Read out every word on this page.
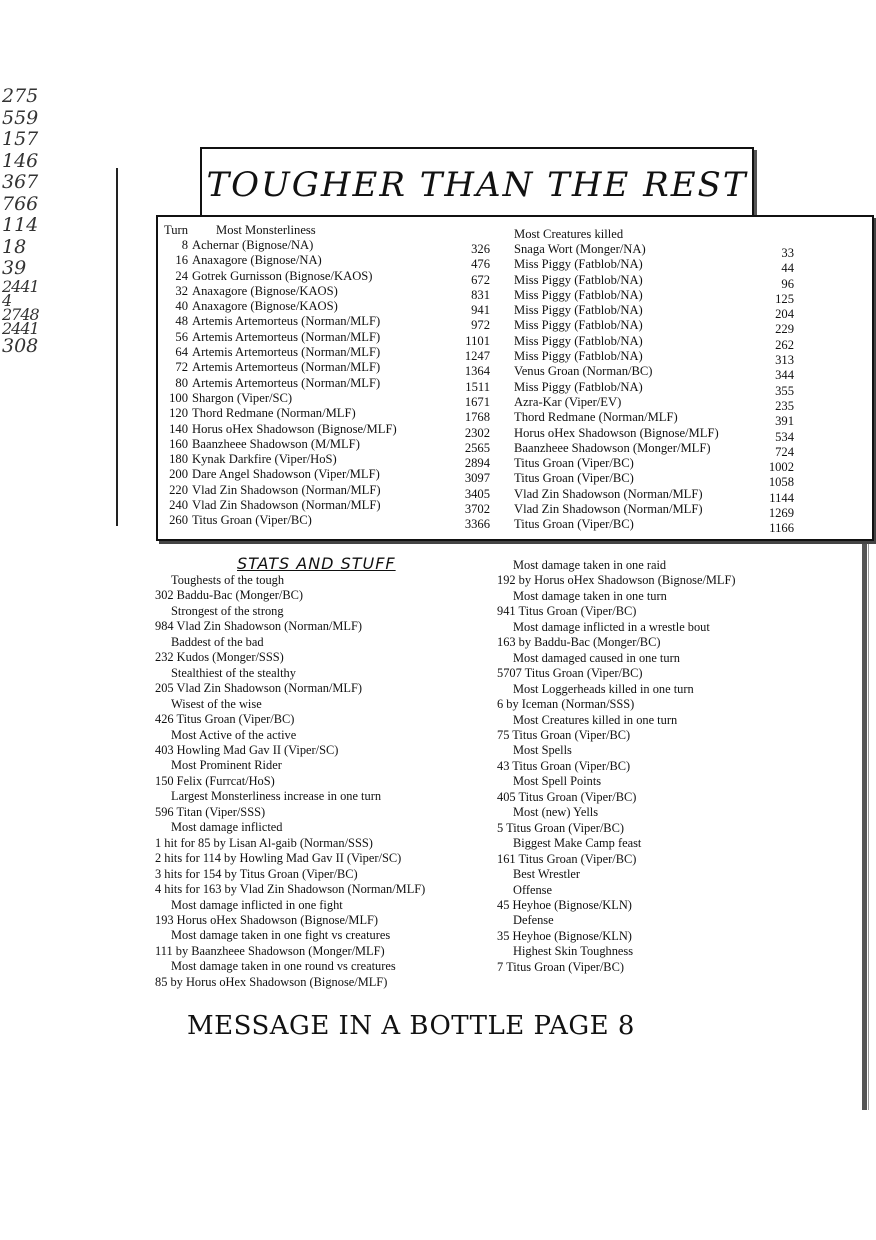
275
559
157
146
367
766
114
18
39
2441
4
2748
2441
308
TOUGHER THAN THE REST
Turn Most Monsterliness	Most Creatures killed
8
16
24
32
40
48
56
64
72
80
100
120
140
160
180
200
220
240
260
Achernar (Bignose/NA)
Anaxagore (Bignose/NA)
Gotrek Gurnisson (Bignose/KAOS)
Anaxagore (Bignose/KAOS)
Anaxagore (Bignose/KAOS)
Artemis Artemorteus (Norman/MLF)
Artemis Artemorteus (Norman/MLF)
Artemis Artemorteus (Norman/MLF)
Artemis Artemorteus (Norman/MLF)
Artemis Artemorteus (Norman/MLF)
Shargon (Viper/SC)
Thord Redmane (Norman/MLF)
Horus oHex Shadowson (Bignose/MLF)
Baanzheee Shadowson (M/MLF)
Kynak Darkfire (Viper/HoS)
Dare Angel Shadowson (Viper/MLF)
Vlad Zin Shadowson (Norman/MLF)
Vlad Zin Shadowson (Norman/MLF)
Titus Groan (Viper/BC)
326
476
672
831
941
972
1101
1247
1364
1511
1671
1768
2302
2565
2894
3097
3405
3702
3366
Snaga Wort (Monger/NA)
Miss Piggy (Fatblob/NA)
Miss Piggy (Fatblob/NA)
Miss Piggy (Fatblob/NA)
Miss Piggy (Fatblob/NA)
Miss Piggy (Fatblob/NA)
Miss Piggy (Fatblob/NA)
Miss Piggy (Fatblob/NA)
Venus Groan (Norman/BC)
Miss Piggy (Fatblob/NA)
Azra-Kar (Viper/EV)
Thord Redmane (Norman/MLF)
Horus oHex Shadowson (Bignose/MLF)
Baanzheee Shadowson (Monger/MLF)
Titus Groan (Viper/BC)
Titus Groan (Viper/BC)
Vlad Zin Shadowson (Norman/MLF)
Vlad Zin Shadowson (Norman/MLF)
Titus Groan (Viper/BC)
33
44
96
125
204
229
262
313
344
355
235
391
534
724
1002
1058
1144
1269
1166
STATS AND STUFF
Toughests of the tough
302 Baddu-Bac (Monger/BC)
Strongest of the strong
984 Vlad Zin Shadowson (Norman/MLF)
Baddest of the bad
232 Kudos (Monger/SSS)
Stealthiest of the stealthy
205 Vlad Zin Shadowson (Norman/MLF)
Wisest of the wise
426 Titus Groan (Viper/BC)
Most Active of the active
403 Howling Mad Gav II (Viper/SC)
Most Prominent Rider
150 Felix (Furrcat/HoS)
Largest Monsterliness increase in one turn
596 Titan (Viper/SSS)
Most damage inflicted
1 hit for 85 by Lisan Al-gaib (Norman/SSS)
2 hits for 114 by Howling Mad Gav II (Viper/SC)
3 hits for 154 by Titus Groan (Viper/BC)
4 hits for 163 by Vlad Zin Shadowson (Norman/MLF)
Most damage inflicted in one fight
193 Horus oHex Shadowson (Bignose/MLF)
Most damage taken in one fight vs creatures
111 by Baanzheee Shadowson (Monger/MLF)
Most damage taken in one round vs creatures
85 by Horus oHex Shadowson (Bignose/MLF)
Most damage taken in one raid
192 by Horus oHex Shadowson (Bignose/MLF)
Most damage taken in one turn
941 Titus Groan (Viper/BC)
Most damage inflicted in a wrestle bout
163 by Baddu-Bac (Monger/BC)
Most damaged caused in one turn
5707 Titus Groan (Viper/BC)
Most Loggerheads killed in one turn
6 by Iceman (Norman/SSS)
Most Creatures killed in one turn
75 Titus Groan (Viper/BC)
Most Spells
43 Titus Groan (Viper/BC)
Most Spell Points
405 Titus Groan (Viper/BC)
Most (new) Yells
5 Titus Groan (Viper/BC)
Biggest Make Camp feast
161 Titus Groan (Viper/BC)
Best Wrestler
Offense
45 Heyhoe (Bignose/KLN)
Defense
35 Heyhoe (Bignose/KLN)
Highest Skin Toughness
7 Titus Groan (Viper/BC)
MESSAGE IN A BOTTLE PAGE 8
